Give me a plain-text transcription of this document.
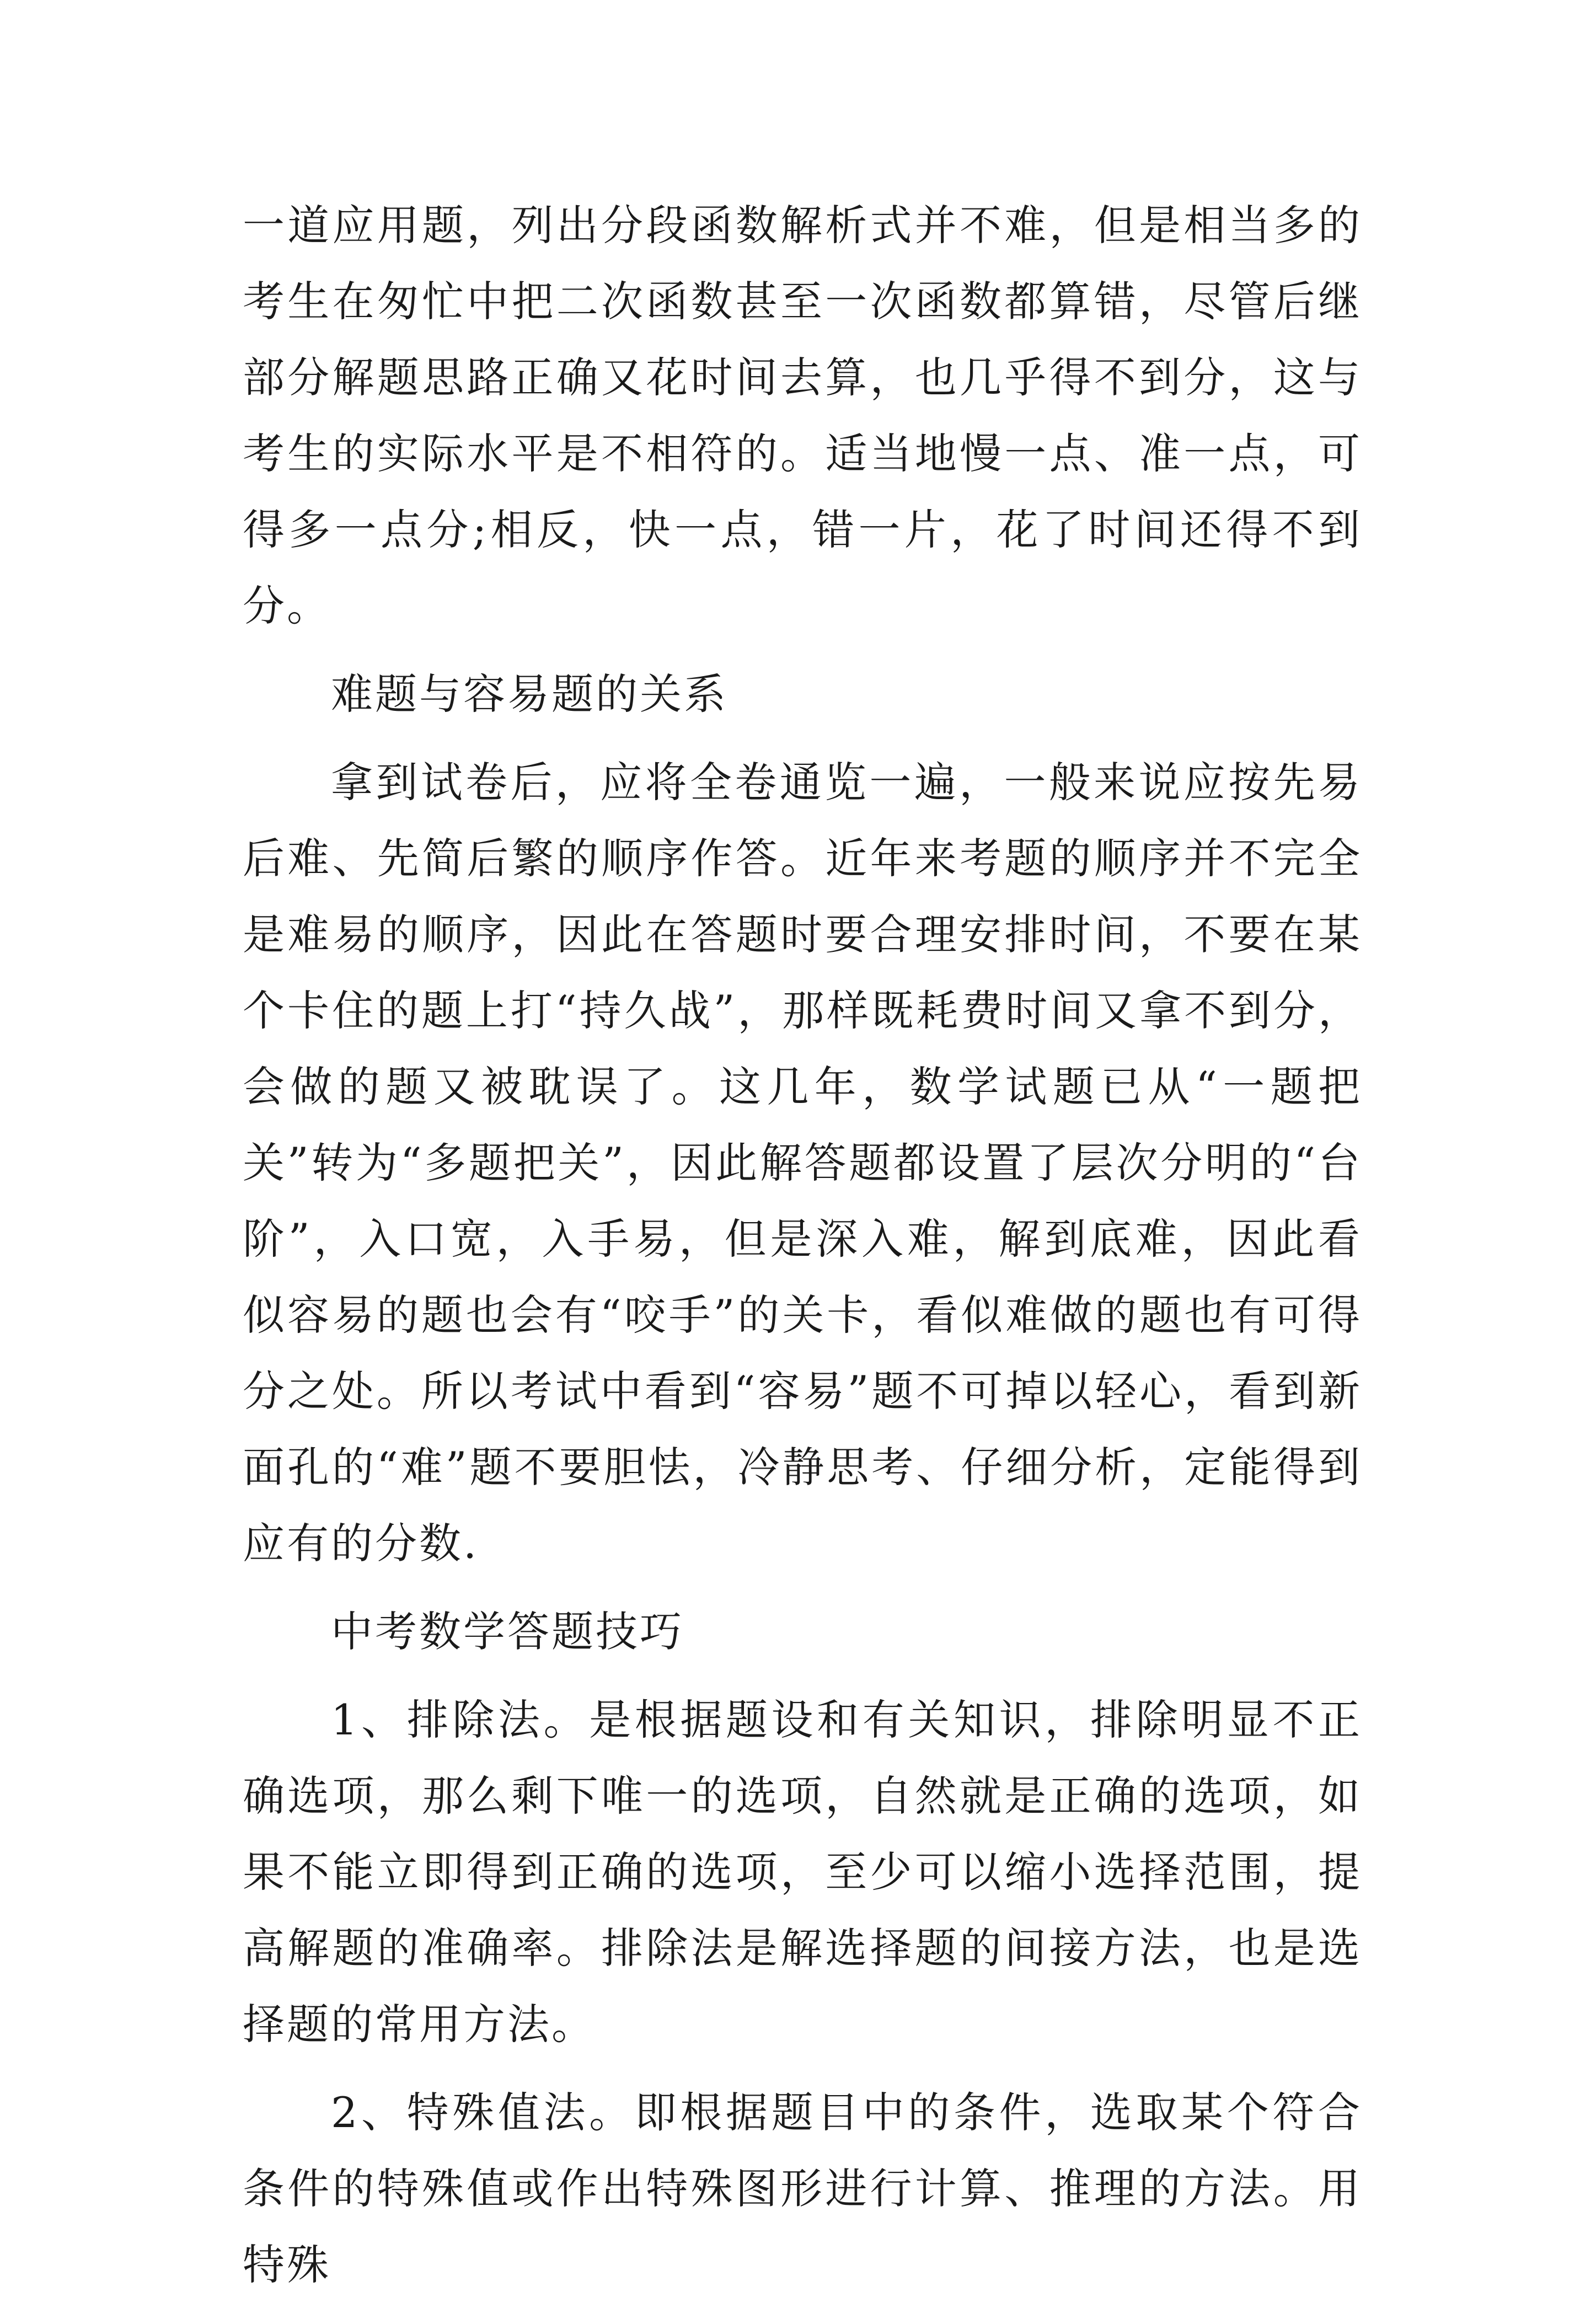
一道应用题，列出分段函数解析式并不难，但是相当多的考生在匆忙中把二次函数甚至一次函数都算错，尽管后继部分解题思路正确又花时间去算，也几乎得不到分，这与考生的实际水平是不相符的。适当地慢一点、准一点，可得多一点分;相反，快一点，错一片，花了时间还得不到分。

难题与容易题的关系

拿到试卷后，应将全卷通览一遍，一般来说应按先易后难、先简后繁的顺序作答。近年来考题的顺序并不完全是难易的顺序，因此在答题时要合理安排时间，不要在某个卡住的题上打“持久战”，那样既耗费时间又拿不到分，会做的题又被耽误了。这几年，数学试题已从“一题把关”转为“多题把关”，因此解答题都设置了层次分明的“台阶”，入口宽，入手易，但是深入难，解到底难，因此看似容易的题也会有“咬手”的关卡，看似难做的题也有可得分之处。所以考试中看到“容易”题不可掉以轻心，看到新面孔的“难”题不要胆怯，冷静思考、仔细分析，定能得到应有的分数.

中考数学答题技巧

1、排除法。是根据题设和有关知识，排除明显不正确选项，那么剩下唯一的选项，自然就是正确的选项，如果不能立即得到正确的选项，至少可以缩小选择范围，提高解题的准确率。排除法是解选择题的间接方法，也是选择题的常用方法。

2、特殊值法。即根据题目中的条件，选取某个符合条件的特殊值或作出特殊图形进行计算、推理的方法。用特殊
